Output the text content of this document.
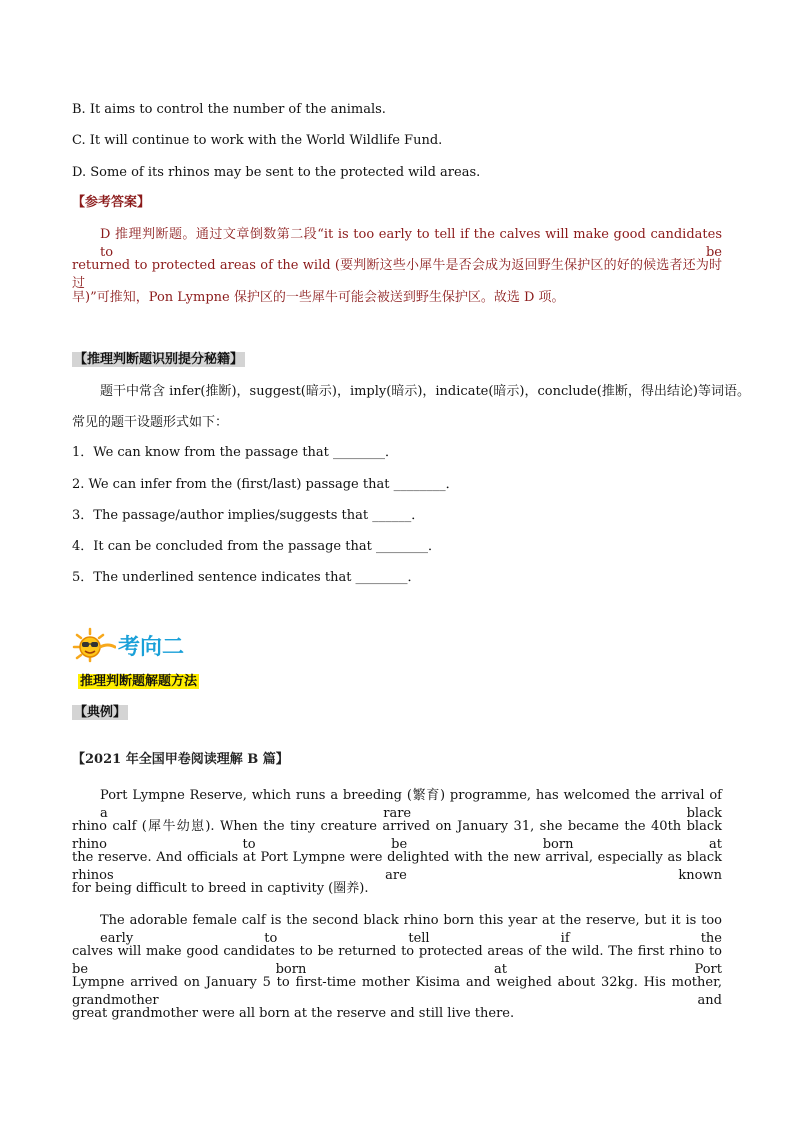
B. It aims to control the number of the animals.
C. It will continue to work with the World Wildlife Fund.
D. Some of its rhinos may be sent to the protected wild areas.
【参考答案】
D 推理判断题。通过文章倒数第二段“it is too early to tell if the calves will make good candidates to be
returned to protected areas of the wild (要判断这些小犀牛是否会成为返回野生保护区的好的候选者还为时过
早)”可推知，Pon Lympne 保护区的一些犀牛可能会被送到野生保护区。故选 D 项。
【推理判断题识别提分秘籍】
题干中常含 infer(推断)，suggest(暗示)，imply(暗示)，indicate(暗示)，conclude(推断，得出结论)等词语。
常见的题干设题形式如下：
1．We can know from the passage that ________．
2. We can infer from the (first/last) passage that ________．
3．The passage/author implies/suggests that ______．
4．It can be concluded from the passage that ________．
5．The underlined sentence indicates that ________．
考向二
推理判断题解题方法
【典例】
【2021 年全国甲卷阅读理解 B 篇】
Port Lympne Reserve, which runs a breeding (繁育) programme, has welcomed the arrival of a rare black
rhino calf (犀牛幼崽). When the tiny creature arrived on January 31, she became the 40th black rhino to be born at
the reserve. And officials at Port Lympne were delighted with the new arrival, especially as black rhinos are known
for being difficult to breed in captivity (圈养).
The adorable female calf is the second black rhino born this year at the reserve, but it is too early to tell if the
calves will make good candidates to be returned to protected areas of the wild. The first rhino to be born at Port
Lympne arrived on January 5 to first-time mother Kisima and weighed about 32kg. His mother, grandmother and
great grandmother were all born at the reserve and still live there.
